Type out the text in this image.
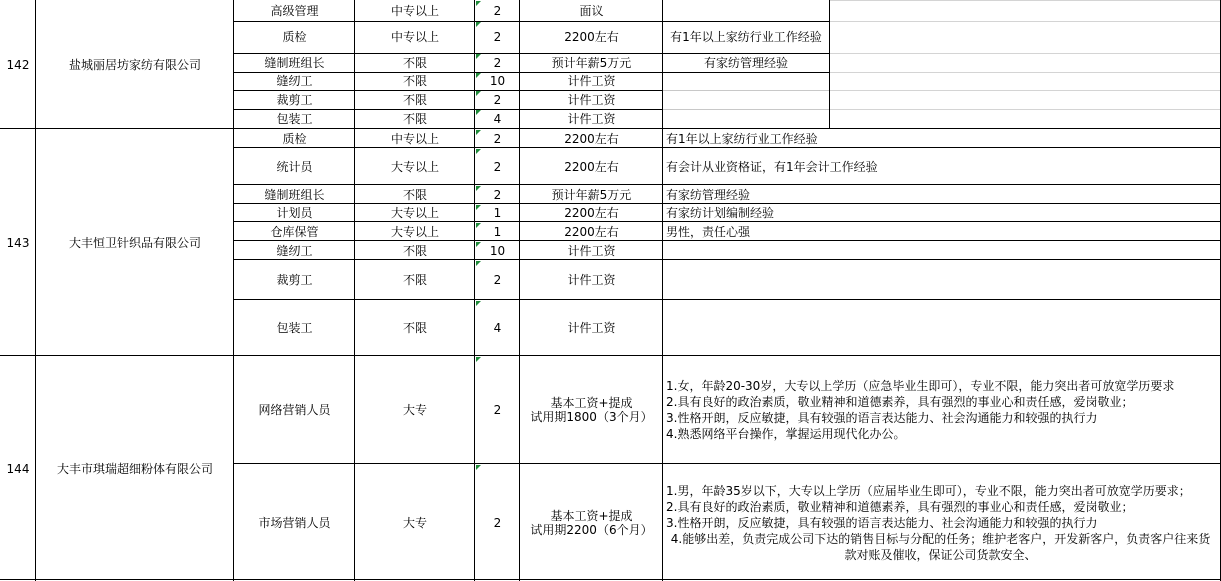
142	盐城丽居坊家纺有限公司
高级管理	中专以上	2	面议
质检	中专以上	2	2200左右	有1年以上家纺行业工作经验
缝制班组长	不限	2	预计年薪5万元	有家纺管理经验
缝纫工	不限	10	计件工资
裁剪工	不限	2	计件工资
包装工	不限	4	计件工资
143	大丰恒卫针织品有限公司
质检	中专以上	2	2200左右	有1年以上家纺行业工作经验
统计员	大专以上	2	2200左右	有会计从业资格证，有1年会计工作经验
缝制班组长	不限	2	预计年薪5万元	有家纺管理经验
计划员	大专以上	1	2200左右	有家纺计划编制经验
仓库保管	大专以上	1	2200左右	男性，责任心强
缝纫工	不限	10	计件工资
裁剪工	不限	2	计件工资
包装工	不限	4	计件工资
144	大丰市琪瑞超细粉体有限公司
网络营销人员	大专	2	基本工资+提成
试用期1800（3个月）
1.女，年龄20-30岁，大专以上学历（应急毕业生即可），专业不限，能力突出者可放宽学历要求
2.具有良好的政治素质，敬业精神和道德素养，具有强烈的事业心和责任感，爱岗敬业；
3.性格开朗，反应敏捷，具有较强的语言表达能力、社会沟通能力和较强的执行力
4.熟悉网络平台操作，掌握运用现代化办公。
市场营销人员	大专	2	基本工资+提成
试用期2200（6个月）
1.男，年龄35岁以下，大专以上学历（应届毕业生即可），专业不限，能力突出者可放宽学历要求；
2.具有良好的政治素质，敬业精神和道德素养，具有强烈的事业心和责任感，爱岗敬业；
3.性格开朗，反应敏捷，具有较强的语言表达能力、社会沟通能力和较强的执行力
4.能够出差，负责完成公司下达的销售目标与分配的任务；维护老客户，开发新客户，负责客户往来货款对账及催收，保证公司货款安全、
